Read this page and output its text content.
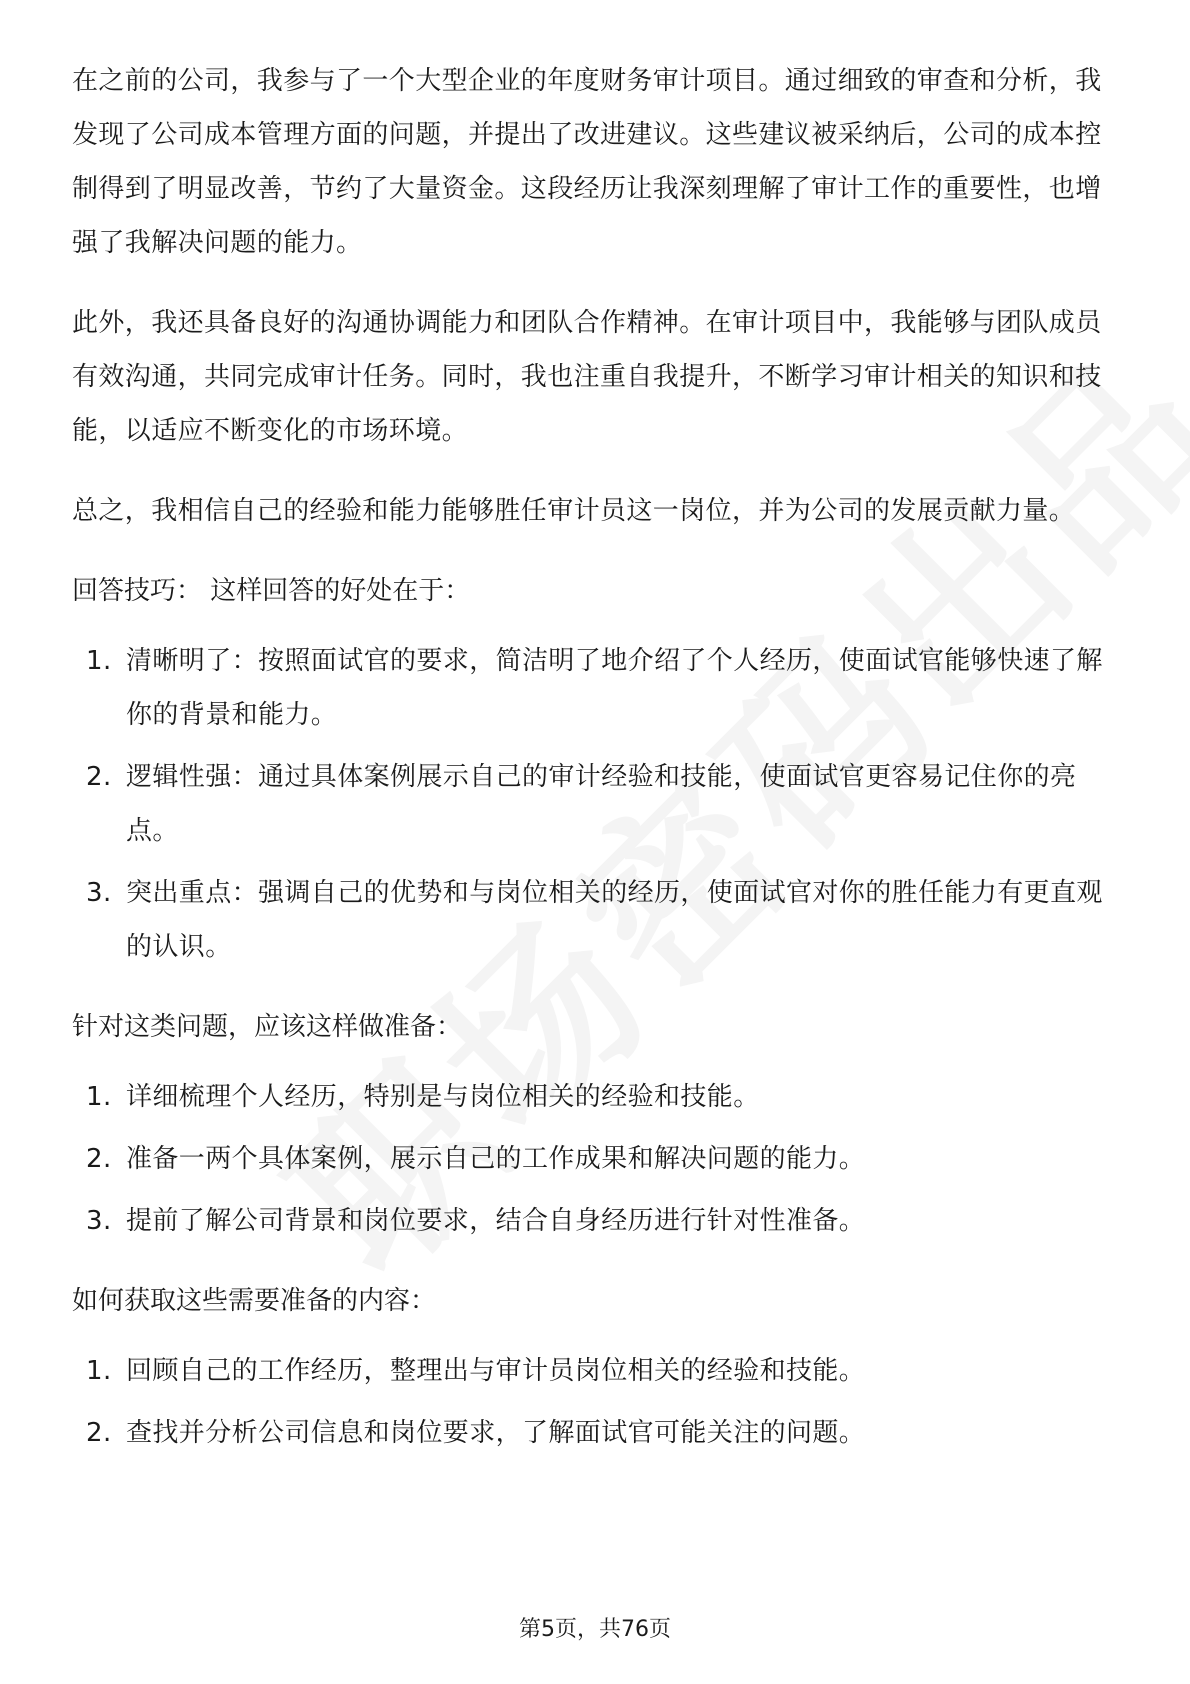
在之前的公司，我参与了一个大型企业的年度财务审计项目。通过细致的审查和分析，我发现了公司成本管理方面的问题，并提出了改进建议。这些建议被采纳后，公司的成本控制得到了明显改善，节约了大量资金。这段经历让我深刻理解了审计工作的重要性，也增强了我解决问题的能力。

此外，我还具备良好的沟通协调能力和团队合作精神。在审计项目中，我能够与团队成员有效沟通，共同完成审计任务。同时，我也注重自我提升，不断学习审计相关的知识和技能，以适应不断变化的市场环境。

总之，我相信自己的经验和能力能够胜任审计员这一岗位，并为公司的发展贡献力量。

回答技巧： 这样回答的好处在于：
1. 清晰明了：按照面试官的要求，简洁明了地介绍了个人经历，使面试官能够快速了解你的背景和能力。
2. 逻辑性强：通过具体案例展示自己的审计经验和技能，使面试官更容易记住你的亮点。
3. 突出重点：强调自己的优势和与岗位相关的经历，使面试官对你的胜任能力有更直观的认识。
针对这类问题，应该这样做准备：
1. 详细梳理个人经历，特别是与岗位相关的经验和技能。
2. 准备一两个具体案例，展示自己的工作成果和解决问题的能力。
3. 提前了解公司背景和岗位要求，结合自身经历进行针对性准备。
如何获取这些需要准备的内容：
1. 回顾自己的工作经历，整理出与审计员岗位相关的经验和技能。
2. 查找并分析公司信息和岗位要求，了解面试官可能关注的问题。
第5页，共76页
